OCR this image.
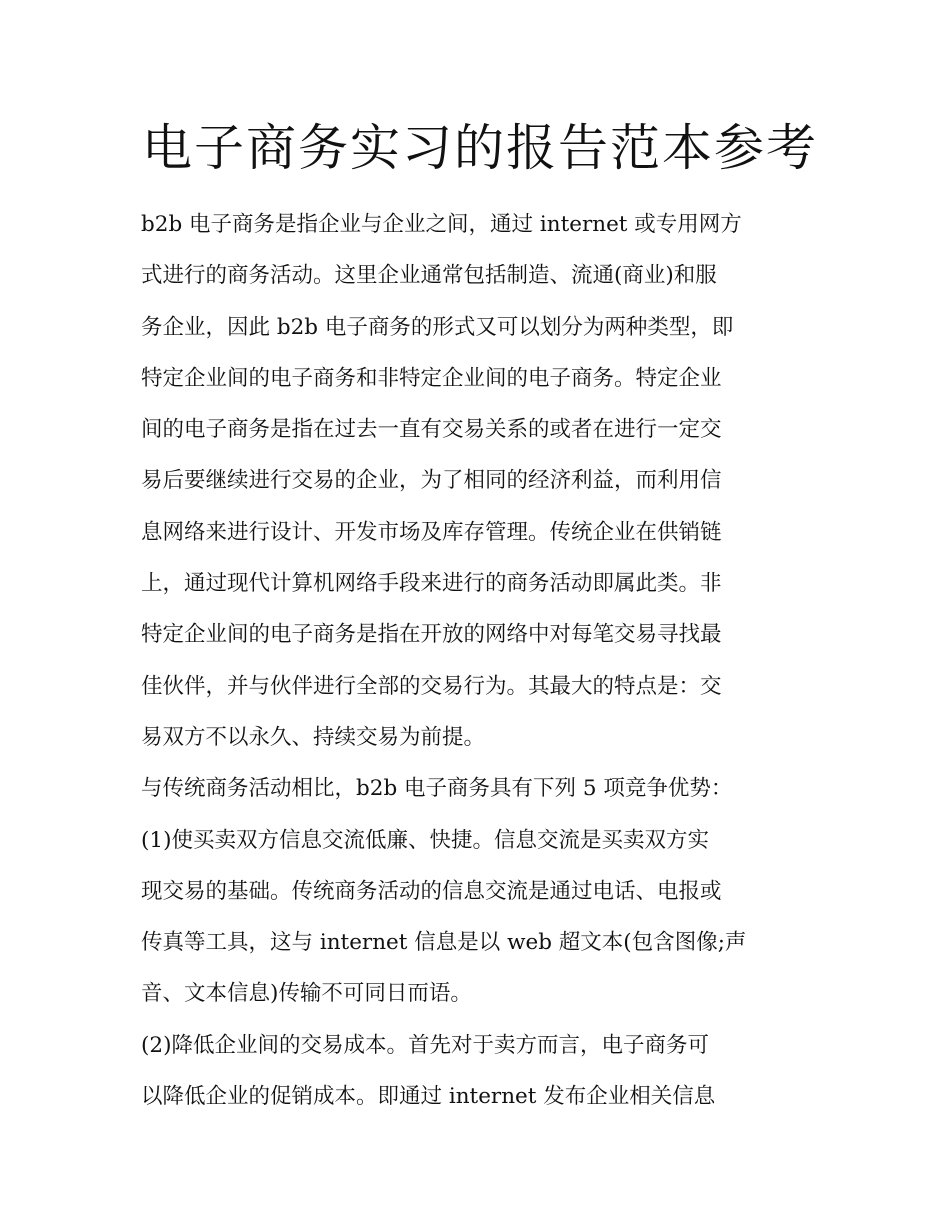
电子商务实习的报告范本参考
b2b 电子商务是指企业与企业之间，通过 internet 或专用网方
式进行的商务活动。这里企业通常包括制造、流通(商业)和服
务企业，因此 b2b 电子商务的形式又可以划分为两种类型，即
特定企业间的电子商务和非特定企业间的电子商务。特定企业
间的电子商务是指在过去一直有交易关系的或者在进行一定交
易后要继续进行交易的企业，为了相同的经济利益，而利用信
息网络来进行设计、开发市场及库存管理。传统企业在供销链
上，通过现代计算机网络手段来进行的商务活动即属此类。非
特定企业间的电子商务是指在开放的网络中对每笔交易寻找最
佳伙伴，并与伙伴进行全部的交易行为。其最大的特点是：交
易双方不以永久、持续交易为前提。
与传统商务活动相比，b2b 电子商务具有下列 5 项竞争优势：
(1)使买卖双方信息交流低廉、快捷。信息交流是买卖双方实
现交易的基础。传统商务活动的信息交流是通过电话、电报或
传真等工具，这与 internet 信息是以 web 超文本(包含图像;声
音、文本信息)传输不可同日而语。
(2)降低企业间的交易成本。首先对于卖方而言，电子商务可
以降低企业的促销成本。即通过 internet 发布企业相关信息
